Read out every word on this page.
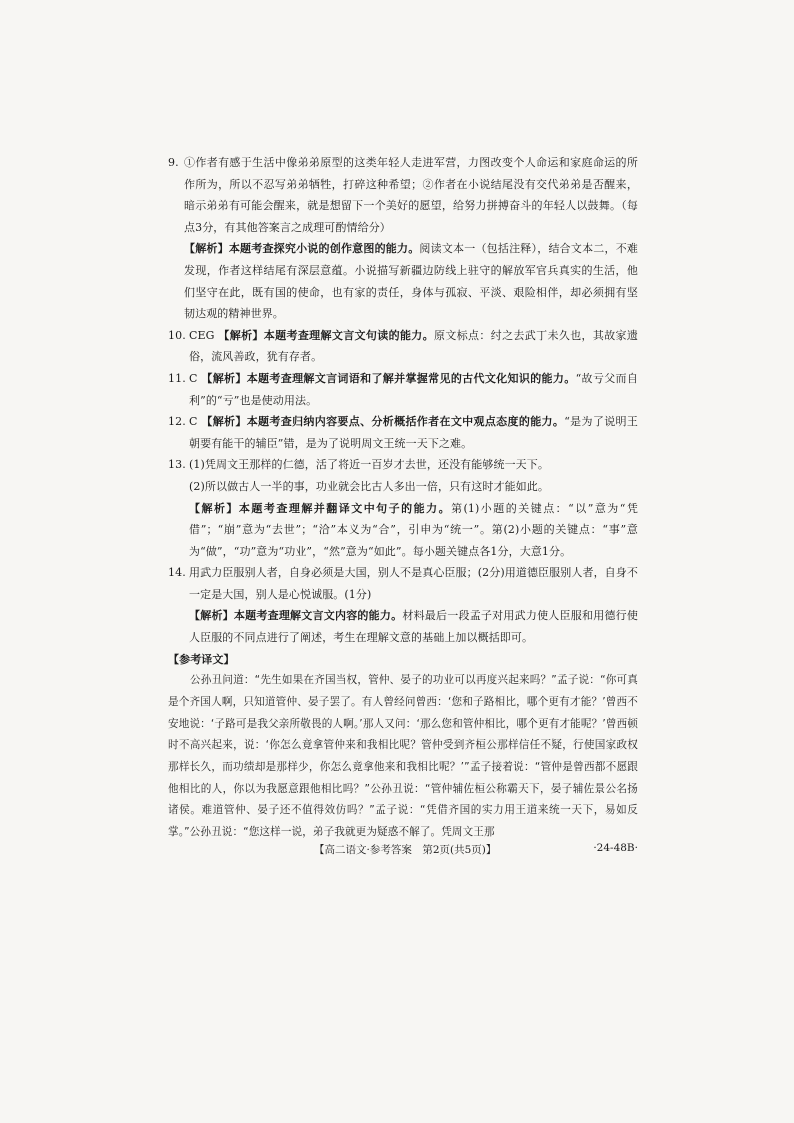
9. ①作者有感于生活中像弟弟原型的这类年轻人走进军营，力图改变个人命运和家庭命运的所作所为，所以不忍写弟弟牺牲，打碎这种希望；②作者在小说结尾没有交代弟弟是否醒来，暗示弟弟有可能会醒来，就是想留下一个美好的愿望，给努力拼搏奋斗的年轻人以鼓舞。（每点3分，有其他答案言之成理可酌情给分）

【解析】本题考查探究小说的创作意图的能力。阅读文本一（包括注释），结合文本二，不难发现，作者这样结尾有深层意蕴。小说描写新疆边防线上驻守的解放军官兵真实的生活，他们坚守在此，既有国的使命，也有家的责任，身体与孤寂、平淡、艰险相伴，却必须拥有坚韧达观的精神世界。

10. CEG 【解析】本题考查理解文言文句读的能力。原文标点：纣之去武丁未久也，其故家遗俗，流风善政，犹有存者。

11. C 【解析】本题考查理解文言词语和了解并掌握常见的古代文化知识的能力。“故亏父而自利”的“亏”也是使动用法。

12. C 【解析】本题考查归纳内容要点、分析概括作者在文中观点态度的能力。“是为了说明王朝要有能干的辅臣”错，是为了说明周文王统一天下之难。

13. (1)凭周文王那样的仁德，活了将近一百岁才去世，还没有能够统一天下。

(2)所以做古人一半的事，功业就会比古人多出一倍，只有这时才能如此。

【解析】本题考查理解并翻译文中句子的能力。第(1)小题的关键点：“以”意为“凭借”；“崩”意为“去世”；“洽”本义为“合”，引申为“统一”。第(2)小题的关键点：“事”意为“做”，“功”意为“功业”，“然”意为“如此”。每小题关键点各1分，大意1分。

14. 用武力臣服别人者，自身必须是大国，别人不是真心臣服；(2分)用道德臣服别人者，自身不一定是大国，别人是心悦诚服。(1分)

【解析】本题考查理解文言文内容的能力。材料最后一段孟子对用武力使人臣服和用德行使人臣服的不同点进行了阐述，考生在理解文意的基础上加以概括即可。

【参考译文】

公孙丑问道：“先生如果在齐国当权，管仲、晏子的功业可以再度兴起来吗？”孟子说：“你可真是个齐国人啊，只知道管仲、晏子罢了。有人曾经问曾西：‘您和子路相比，哪个更有才能？’曾西不安地说：‘子路可是我父亲所敬畏的人啊。’那人又问：‘那么您和管仲相比，哪个更有才能呢？’曾西顿时不高兴起来，说：‘你怎么竟拿管仲来和我相比呢？管仲受到齐桓公那样信任不疑，行使国家政权那样长久，而功绩却是那样少，你怎么竟拿他来和我相比呢？’”孟子接着说：“管仲是曾西都不愿跟他相比的人，你以为我愿意跟他相比吗？”公孙丑说：“管仲辅佐桓公称霸天下，晏子辅佐景公名扬诸侯。难道管仲、晏子还不值得效仿吗？”孟子说：“凭借齐国的实力用王道来统一天下，易如反掌。”公孙丑说：“您这样一说，弟子我就更为疑惑不解了。凭周文王那

【高二语文·参考答案　第2页(共5页)】	·24-48B·
